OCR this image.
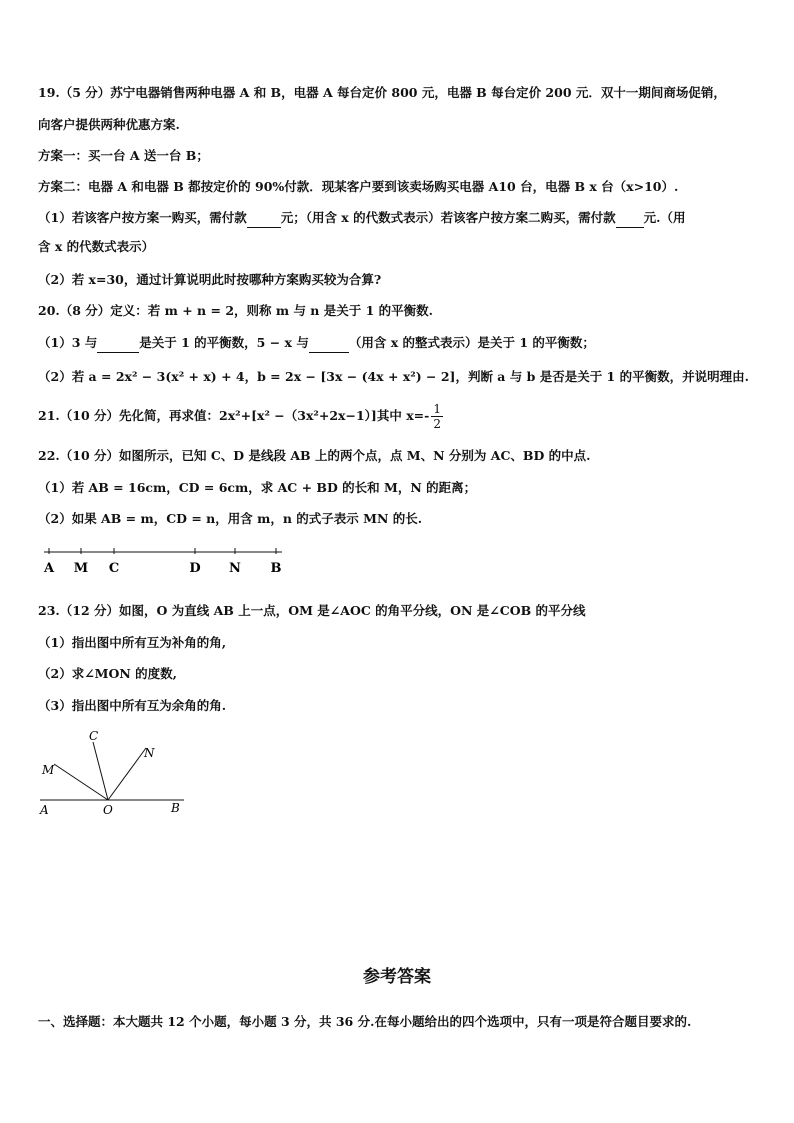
19.（5 分）苏宁电器销售两种电器 A 和 B，电器 A 每台定价 800 元，电器 B 每台定价 200 元．双十一期间商场促销，
向客户提供两种优惠方案.
方案一：买一台 A 送一台 B；
方案二：电器 A 和电器 B 都按定价的 90%付款．现某客户要到该卖场购买电器 A10 台，电器 B x 台（x>10）.
（1）若该客户按方案一购买，需付款	元；（用含 x 的代数式表示）若该客户按方案二购买，需付款 元.（用
含 x 的代数式表示）
（2）若 x=30，通过计算说明此时按哪种方案购买较为合算?
20.（8 分）定义：若 m + n = 2，则称 m 与 n 是关于 1 的平衡数.
（1）3 与	是关于 1 的平衡数，5 − x 与	（用含 x 的整式表示）是关于 1 的平衡数；
（2）若 a = 2x² − 3(x² + x) + 4，b = 2x − [3x − (4x + x²) − 2]，判断 a 与 b 是否是关于 1 的平衡数，并说明理由.
21.（10 分）先化简，再求值：2x²+[x² −（3x²+2x−1）]其中 $x=- \frac{1}{2}$
22.（10 分）如图所示，已知 C、D 是线段 AB 上的两个点，点 M、N 分别为 AC、BD 的中点.
（1）若 AB = 16cm，CD = 6cm，求 AC + BD 的长和 M，N 的距离；
（2）如果 AB = m，CD = n，用含 m，n 的式子表示 MN 的长.
A M C	D N B
23.（12 分）如图，O 为直线 AB 上一点，OM 是∠AOC 的角平分线，ON 是∠COB 的平分线
（1）指出图中所有互为补角的角,
（2）求∠MON 的度数,
（3）指出图中所有互为余角的角.
C
N
M
A	O	B
参考答案
一、选择题：本大题共 12 个小题，每小题 3 分，共 36 分.在每小题给出的四个选项中，只有一项是符合题目要求的.
